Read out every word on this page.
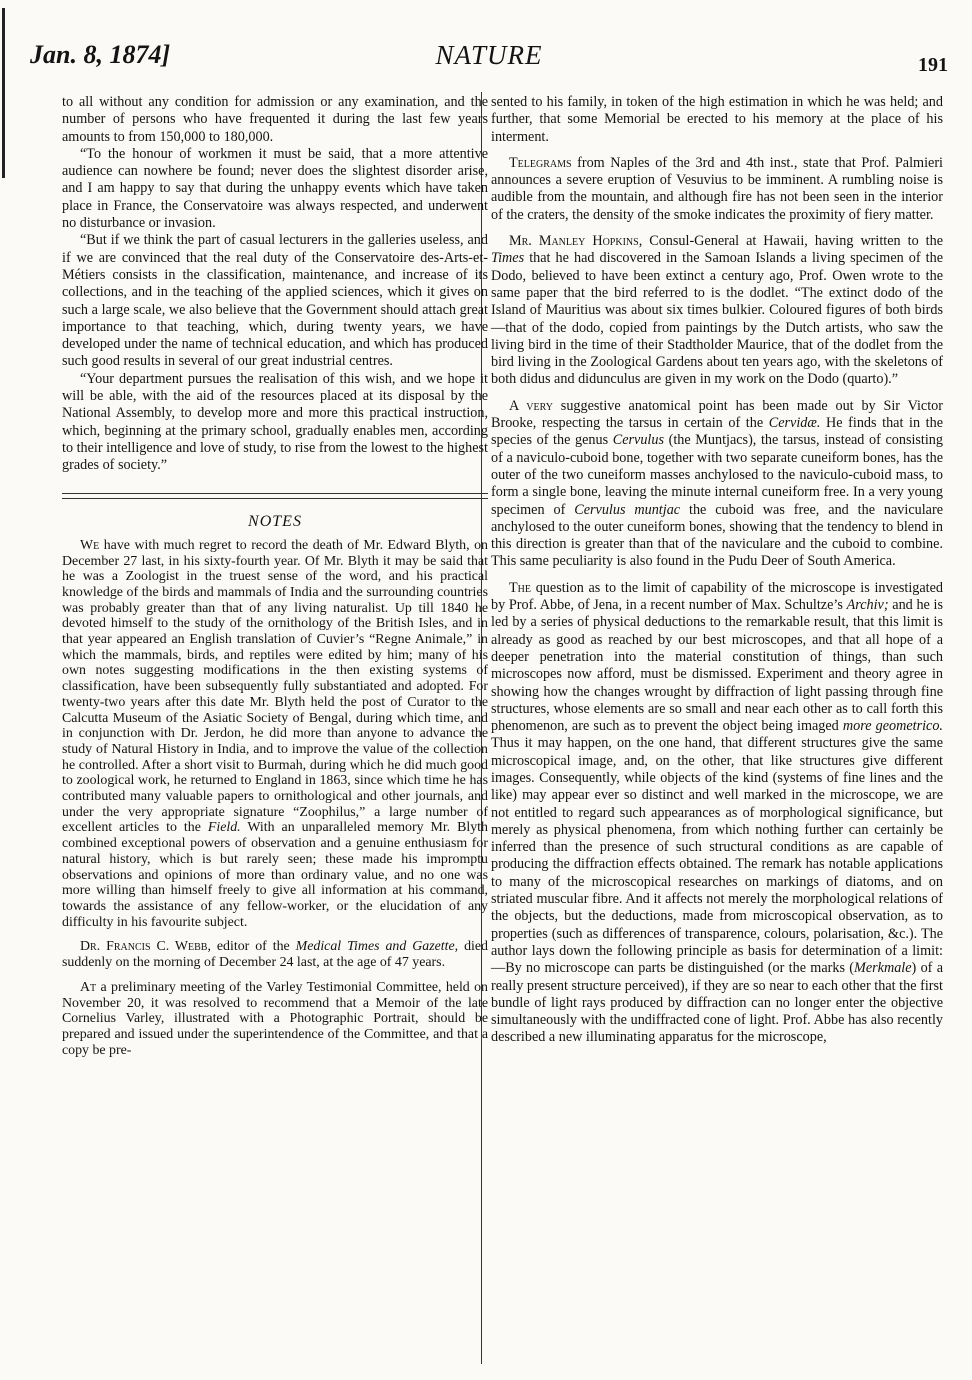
Jan. 8, 1874]	NATURE	191

to all without any condition for admission or any examination, and the number of persons who have frequented it during the last few years amounts to from 150,000 to 180,000.

“To the honour of workmen it must be said, that a more attentive audience can nowhere be found; never does the slightest disorder arise, and I am happy to say that during the unhappy events which have taken place in France, the Conservatoire was always respected, and underwent no disturbance or invasion.

“But if we think the part of casual lecturers in the galleries useless, and if we are convinced that the real duty of the Conservatoire des-Arts-et-Métiers consists in the classification, maintenance, and increase of its collections, and in the teaching of the applied sciences, which it gives on such a large scale, we also believe that the Government should attach great importance to that teaching, which, during twenty years, we have developed under the name of technical education, and which has produced such good results in several of our great industrial centres.

“Your department pursues the realisation of this wish, and we hope it will be able, with the aid of the resources placed at its disposal by the National Assembly, to develop more and more this practical instruction, which, beginning at the primary school, gradually enables men, according to their intelligence and love of study, to rise from the lowest to the highest grades of society.”

NOTES

We have with much regret to record the death of Mr. Edward Blyth, on December 27 last, in his sixty-fourth year. Of Mr. Blyth it may be said that he was a Zoologist in the truest sense of the word, and his practical knowledge of the birds and mammals of India and the surrounding countries was probably greater than that of any living naturalist. Up till 1840 he devoted himself to the study of the ornithology of the British Isles, and in that year appeared an English translation of Cuvier’s “Regne Animale,” in which the mammals, birds, and reptiles were edited by him; many of his own notes suggesting modifications in the then existing systems of classification, have been subsequently fully substantiated and adopted. For twenty-two years after this date Mr. Blyth held the post of Curator to the Calcutta Museum of the Asiatic Society of Bengal, during which time, and in conjunction with Dr. Jerdon, he did more than anyone to advance the study of Natural History in India, and to improve the value of the collection he controlled. After a short visit to Burmah, during which he did much good to zoological work, he returned to England in 1863, since which time he has contributed many valuable papers to ornithological and other journals, and under the very appropriate signature “Zoophilus,” a large number of excellent articles to the Field. With an unparalleled memory Mr. Blyth combined exceptional powers of observation and a genuine enthusiasm for natural history, which is but rarely seen; these made his impromptu observations and opinions of more than ordinary value, and no one was more willing than himself freely to give all information at his command, towards the assistance of any fellow-worker, or the elucidation of any difficulty in his favourite subject.

Dr. Francis C. Webb, editor of the Medical Times and Gazette, died suddenly on the morning of December 24 last, at the age of 47 years.

At a preliminary meeting of the Varley Testimonial Committee, held on November 20, it was resolved to recommend that a Memoir of the late Cornelius Varley, illustrated with a Photographic Portrait, should be prepared and issued under the superintendence of the Committee, and that a copy be pre-

sented to his family, in token of the high estimation in which he was held; and further, that some Memorial be erected to his memory at the place of his interment.

Telegrams from Naples of the 3rd and 4th inst., state that Prof. Palmieri announces a severe eruption of Vesuvius to be imminent. A rumbling noise is audible from the mountain, and although fire has not been seen in the interior of the craters, the density of the smoke indicates the proximity of fiery matter.

Mr. Manley Hopkins, Consul-General at Hawaii, having written to the Times that he had discovered in the Samoan Islands a living specimen of the Dodo, believed to have been extinct a century ago, Prof. Owen wrote to the same paper that the bird referred to is the dodlet. “The extinct dodo of the Island of Mauritius was about six times bulkier. Coloured figures of both birds—that of the dodo, copied from paintings by the Dutch artists, who saw the living bird in the time of their Stadtholder Maurice, that of the dodlet from the bird living in the Zoological Gardens about ten years ago, with the skeletons of both didus and didunculus are given in my work on the Dodo (quarto).”

A very suggestive anatomical point has been made out by Sir Victor Brooke, respecting the tarsus in certain of the Cervidæ. He finds that in the species of the genus Cervulus (the Muntjacs), the tarsus, instead of consisting of a naviculo-cuboid bone, together with two separate cuneiform bones, has the outer of the two cuneiform masses anchylosed to the naviculo-cuboid mass, to form a single bone, leaving the minute internal cuneiform free. In a very young specimen of Cervulus muntjac the cuboid was free, and the naviculare anchylosed to the outer cuneiform bones, showing that the tendency to blend in this direction is greater than that of the naviculare and the cuboid to combine. This same peculiarity is also found in the Pudu Deer of South America.

The question as to the limit of capability of the microscope is investigated by Prof. Abbe, of Jena, in a recent number of Max. Schultze’s Archiv; and he is led by a series of physical deductions to the remarkable result, that this limit is already as good as reached by our best microscopes, and that all hope of a deeper penetration into the material constitution of things, than such microscopes now afford, must be dismissed. Experiment and theory agree in showing how the changes wrought by diffraction of light passing through fine structures, whose elements are so small and near each other as to call forth this phenomenon, are such as to prevent the object being imaged more geometrico. Thus it may happen, on the one hand, that different structures give the same microscopical image, and, on the other, that like structures give different images. Consequently, while objects of the kind (systems of fine lines and the like) may appear ever so distinct and well marked in the microscope, we are not entitled to regard such appearances as of morphological significance, but merely as physical phenomena, from which nothing further can certainly be inferred than the presence of such structural conditions as are capable of producing the diffraction effects obtained. The remark has notable applications to many of the microscopical researches on markings of diatoms, and on striated muscular fibre. And it affects not merely the morphological relations of the objects, but the deductions, made from microscopical observation, as to properties (such as differences of transparence, colours, polarisation, &c.). The author lays down the following principle as basis for determination of a limit:—By no microscope can parts be distinguished (or the marks (Merkmale) of a really present structure perceived), if they are so near to each other that the first bundle of light rays produced by diffraction can no longer enter the objective simultaneously with the undiffracted cone of light. Prof. Abbe has also recently described a new illuminating apparatus for the microscope,
